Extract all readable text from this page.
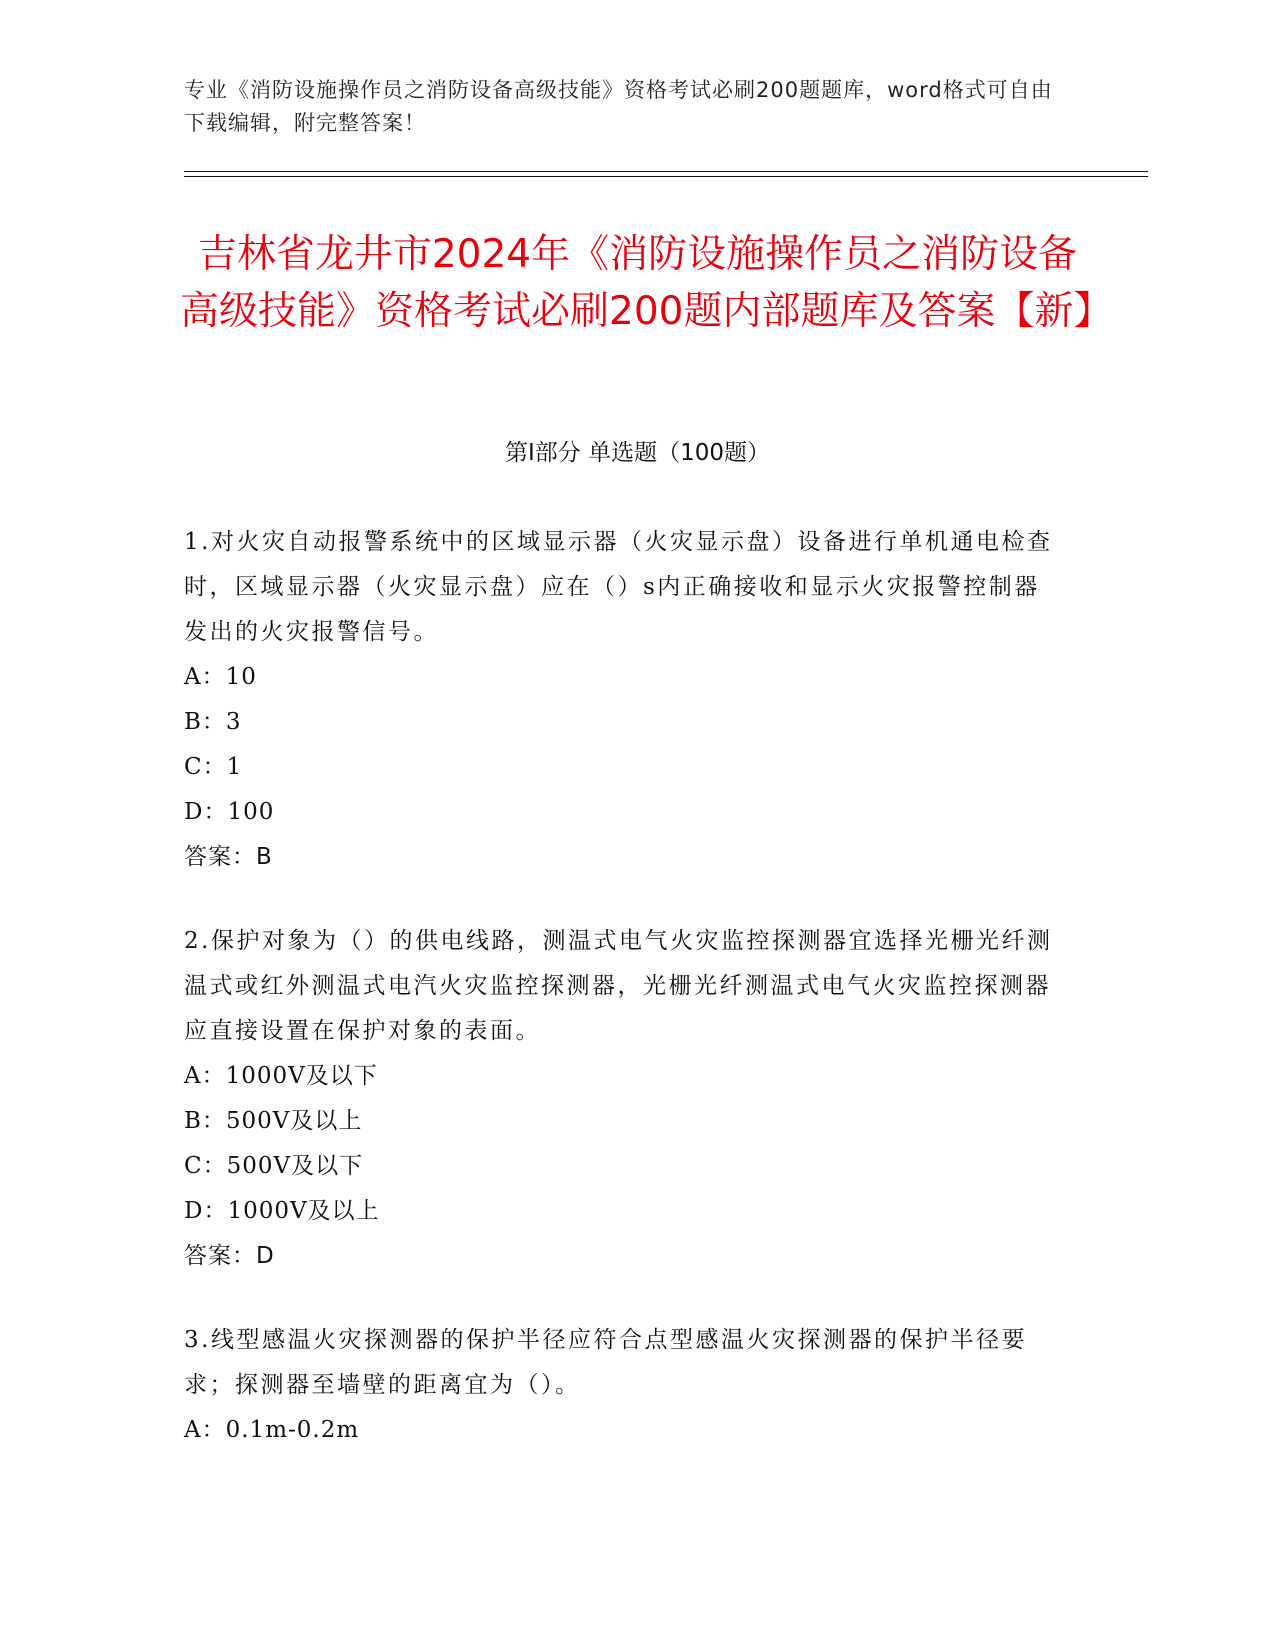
专业《消防设施操作员之消防设备高级技能》资格考试必刷200题题库，word格式可自由下载编辑，附完整答案！
吉林省龙井市2024年《消防设施操作员之消防设备高级技能》资格考试必刷200题内部题库及答案【新】
第Ⅰ部分 单选题（100题）
1.对火灾自动报警系统中的区域显示器（火灾显示盘）设备进行单机通电检查时，区域显示器（火灾显示盘）应在（）s内正确接收和显示火灾报警控制器发出的火灾报警信号。
A：10
B：3
C：1
D：100
答案：B
2.保护对象为（）的供电线路，测温式电气火灾监控探测器宜选择光栅光纤测温式或红外测温式电汽火灾监控探测器，光栅光纤测温式电气火灾监控探测器应直接设置在保护对象的表面。
A：1000V及以下
B：500V及以上
C：500V及以下
D：1000V及以上
答案：D
3.线型感温火灾探测器的保护半径应符合点型感温火灾探测器的保护半径要求；探测器至墙壁的距离宜为（）。
A：0.1m-0.2m
